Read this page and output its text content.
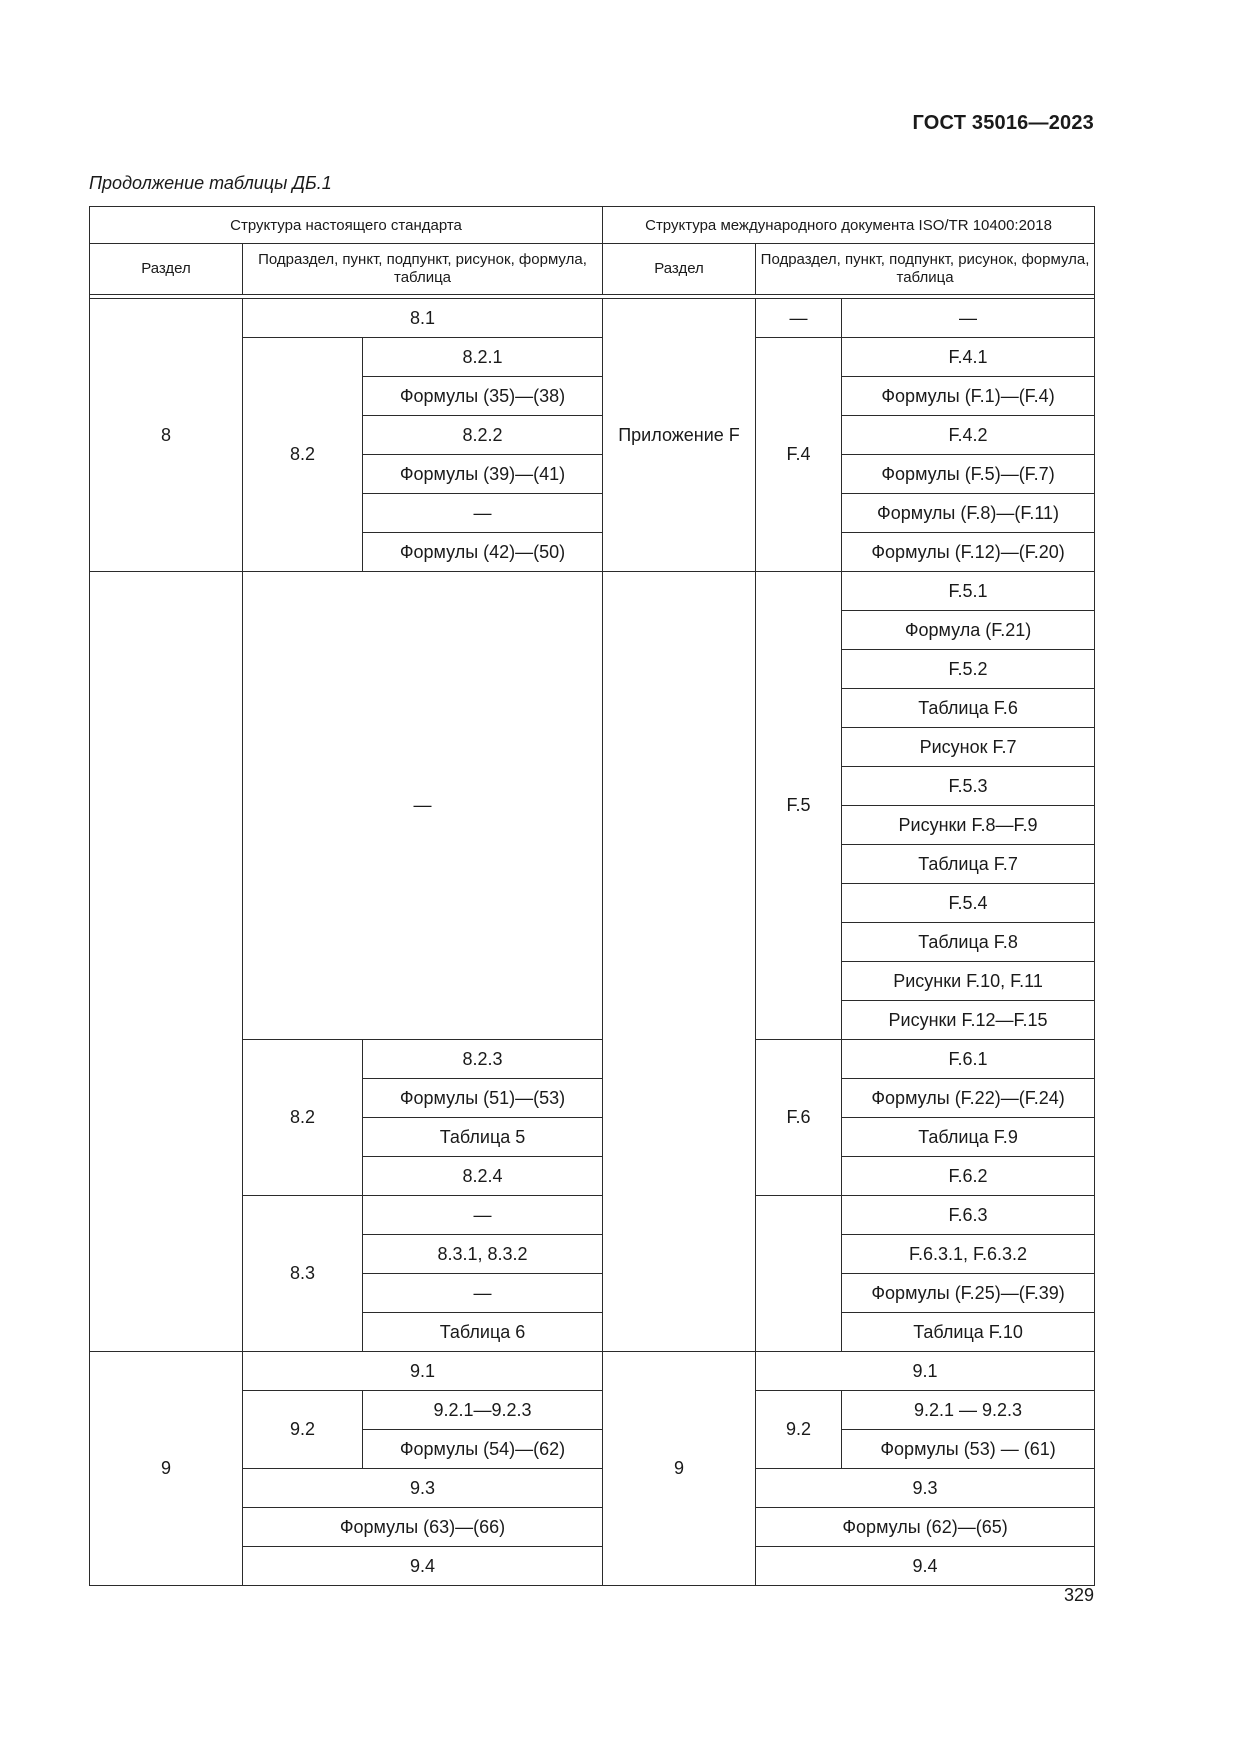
ГОСТ 35016—2023

Продолжение таблицы ДБ.1

Структура настоящего стандарта			Структура международного документа ISO/TR 10400:2018		
Раздел	Подраздел, пункт, подпункт, рисунок, формула, таблица		Раздел	Подраздел, пункт, подпункт, рисунок, формула, таблица	

8	8.1		Приложение F	—	—
	8.2	8.2.1		F.4	F.4.1
		Формулы (35)—(38)			Формулы (F.1)—(F.4)
		8.2.2			F.4.2
		Формулы (39)—(41)			Формулы (F.5)—(F.7)
		—			Формулы (F.8)—(F.11)
		Формулы (42)—(50)			Формулы (F.12)—(F.20)
	—			F.5	F.5.1
					Формула (F.21)
					F.5.2
					Таблица F.6
					Рисунок F.7
					F.5.3
					Рисунки F.8—F.9
					Таблица F.7
					F.5.4
					Таблица F.8
					Рисунки F.10, F.11
					Рисунки F.12—F.15
	8.2	8.2.3		F.6	F.6.1
		Формулы (51)—(53)			Формулы (F.22)—(F.24)
		Таблица 5			Таблица F.9
		8.2.4			F.6.2
	8.3	—			F.6.3
		8.3.1, 8.3.2			F.6.3.1, F.6.3.2
		—			Формулы (F.25)—(F.39)
		Таблица 6			Таблица F.10
9	9.1		9	9.1	
	9.2	9.2.1—9.2.3		9.2	9.2.1 — 9.2.3
		Формулы (54)—(62)			Формулы (53) — (61)
	9.3			9.3	
	Формулы (63)—(66)			Формулы (62)—(65)	
	9.4			9.4	

329
